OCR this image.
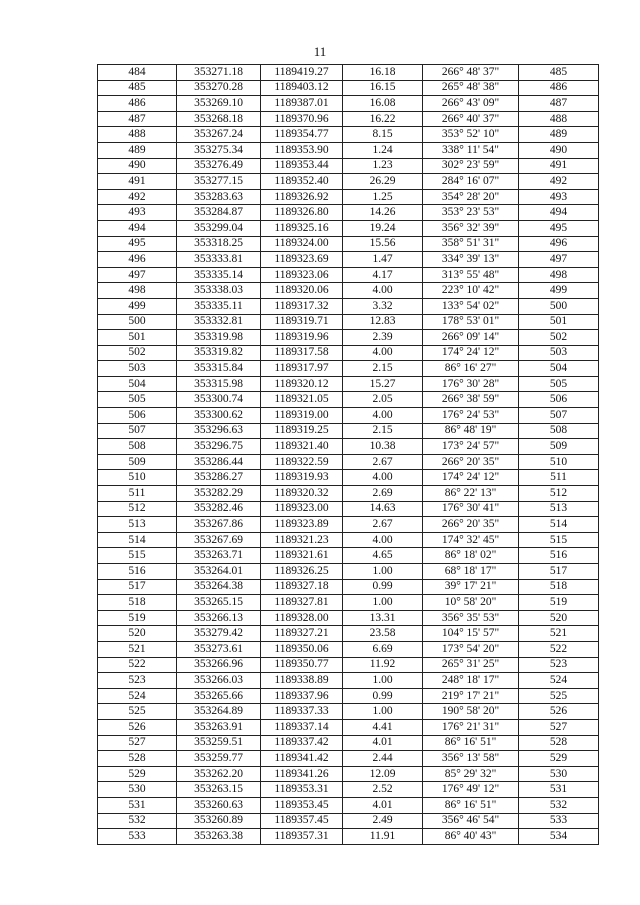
11
484	353271.18	1189419.27	16.18	266° 48' 37"	485
485	353270.28	1189403.12	16.15	265° 48' 38"	486
486	353269.10	1189387.01	16.08	266° 43' 09"	487
487	353268.18	1189370.96	16.22	266° 40' 37"	488
488	353267.24	1189354.77	8.15	353° 52' 10"	489
489	353275.34	1189353.90	1.24	338° 11' 54"	490
490	353276.49	1189353.44	1.23	302° 23' 59"	491
491	353277.15	1189352.40	26.29	284° 16' 07"	492
492	353283.63	1189326.92	1.25	354° 28' 20"	493
493	353284.87	1189326.80	14.26	353° 23' 53"	494
494	353299.04	1189325.16	19.24	356° 32' 39"	495
495	353318.25	1189324.00	15.56	358° 51' 31"	496
496	353333.81	1189323.69	1.47	334° 39' 13"	497
497	353335.14	1189323.06	4.17	313° 55' 48"	498
498	353338.03	1189320.06	4.00	223° 10' 42"	499
499	353335.11	1189317.32	3.32	133° 54' 02"	500
500	353332.81	1189319.71	12.83	178° 53' 01"	501
501	353319.98	1189319.96	2.39	266° 09' 14"	502
502	353319.82	1189317.58	4.00	174° 24' 12"	503
503	353315.84	1189317.97	2.15	86° 16' 27"	504
504	353315.98	1189320.12	15.27	176° 30' 28"	505
505	353300.74	1189321.05	2.05	266° 38' 59"	506
506	353300.62	1189319.00	4.00	176° 24' 53"	507
507	353296.63	1189319.25	2.15	86° 48' 19"	508
508	353296.75	1189321.40	10.38	173° 24' 57"	509
509	353286.44	1189322.59	2.67	266° 20' 35"	510
510	353286.27	1189319.93	4.00	174° 24' 12"	511
511	353282.29	1189320.32	2.69	86° 22' 13"	512
512	353282.46	1189323.00	14.63	176° 30' 41"	513
513	353267.86	1189323.89	2.67	266° 20' 35"	514
514	353267.69	1189321.23	4.00	174° 32' 45"	515
515	353263.71	1189321.61	4.65	86° 18' 02"	516
516	353264.01	1189326.25	1.00	68° 18' 17"	517
517	353264.38	1189327.18	0.99	39° 17' 21"	518
518	353265.15	1189327.81	1.00	10° 58' 20"	519
519	353266.13	1189328.00	13.31	356° 35' 53"	520
520	353279.42	1189327.21	23.58	104° 15' 57"	521
521	353273.61	1189350.06	6.69	173° 54' 20"	522
522	353266.96	1189350.77	11.92	265° 31' 25"	523
523	353266.03	1189338.89	1.00	248° 18' 17"	524
524	353265.66	1189337.96	0.99	219° 17' 21"	525
525	353264.89	1189337.33	1.00	190° 58' 20"	526
526	353263.91	1189337.14	4.41	176° 21' 31"	527
527	353259.51	1189337.42	4.01	86° 16' 51"	528
528	353259.77	1189341.42	2.44	356° 13' 58"	529
529	353262.20	1189341.26	12.09	85° 29' 32"	530
530	353263.15	1189353.31	2.52	176° 49' 12"	531
531	353260.63	1189353.45	4.01	86° 16' 51"	532
532	353260.89	1189357.45	2.49	356° 46' 54"	533
533	353263.38	1189357.31	11.91	86° 40' 43"	534
